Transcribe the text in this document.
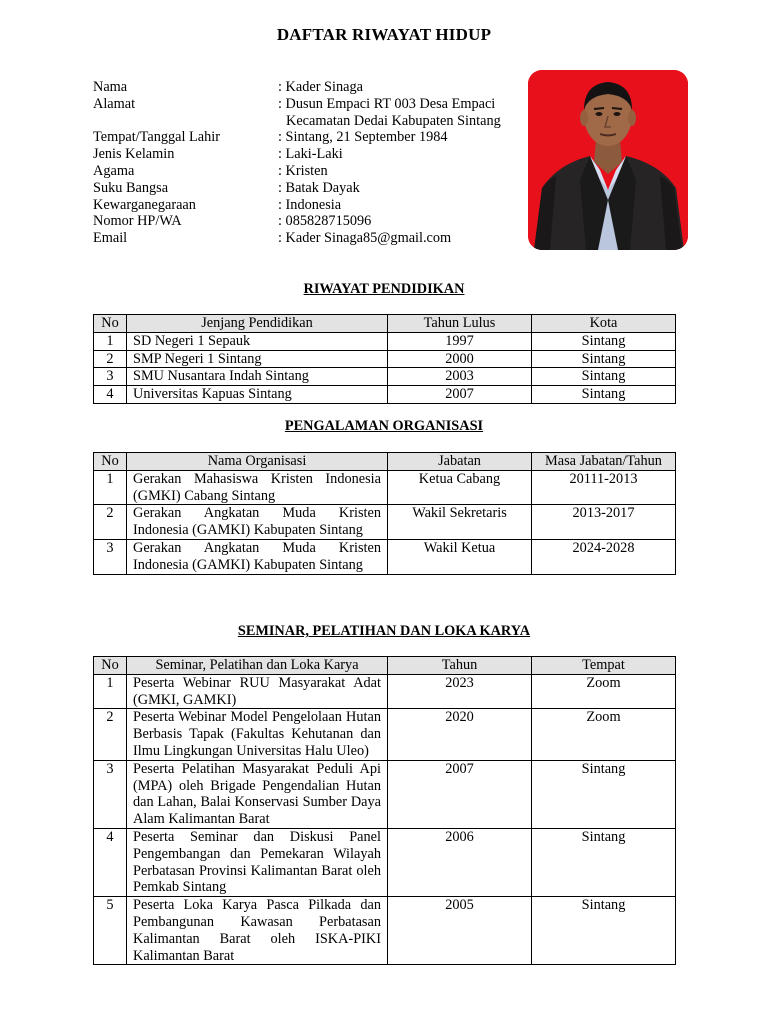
DAFTAR RIWAYAT HIDUP
Nama	: Kader Sinaga
Alamat	: Dusun Empaci RT 003 Desa Empaci
Kecamatan Dedai Kabupaten Sintang
Tempat/Tanggal Lahir	: Sintang, 21 September 1984
Jenis Kelamin	: Laki-Laki
Agama	: Kristen
Suku Bangsa	: Batak Dayak
Kewarganegaraan	: Indonesia
Nomor HP/WA	: 085828715096
Email	: Kader Sinaga85@gmail.com
RIWAYAT PENDIDIKAN
No	Jenjang Pendidikan	Tahun Lulus	Kota
1	SD Negeri 1 Sepauk	1997	Sintang
2	SMP Negeri 1 Sintang	2000	Sintang
3	SMU Nusantara Indah Sintang	2003	Sintang
4	Universitas Kapuas Sintang	2007	Sintang
PENGALAMAN ORGANISASI
No	Nama Organisasi	Jabatan	Masa Jabatan/Tahun
1	Gerakan Mahasiswa Kristen Indonesia (GMKI) Cabang Sintang	Ketua Cabang	20111-2013
2	Gerakan Angkatan Muda Kristen Indonesia (GAMKI) Kabupaten Sintang	Wakil Sekretaris	2013-2017
3	Gerakan Angkatan Muda Kristen Indonesia (GAMKI) Kabupaten Sintang	Wakil Ketua	2024-2028
SEMINAR, PELATIHAN DAN LOKA KARYA
No	Seminar, Pelatihan dan Loka Karya	Tahun	Tempat
1	Peserta Webinar RUU Masyarakat Adat (GMKI, GAMKI)	2023	Zoom
2	Peserta Webinar Model Pengelolaan Hutan Berbasis Tapak (Fakultas Kehutanan dan Ilmu Lingkungan Universitas Halu Uleo)	2020	Zoom
3	Peserta Pelatihan Masyarakat Peduli Api (MPA) oleh Brigade Pengendalian Hutan dan Lahan, Balai Konservasi Sumber Daya Alam Kalimantan Barat	2007	Sintang
4	Peserta Seminar dan Diskusi Panel Pengembangan dan Pemekaran Wilayah Perbatasan Provinsi Kalimantan Barat oleh Pemkab Sintang	2006	Sintang
5	Peserta Loka Karya Pasca Pilkada dan Pembangunan Kawasan Perbatasan Kalimantan Barat oleh ISKA-PIKI Kalimantan Barat	2005	Sintang
